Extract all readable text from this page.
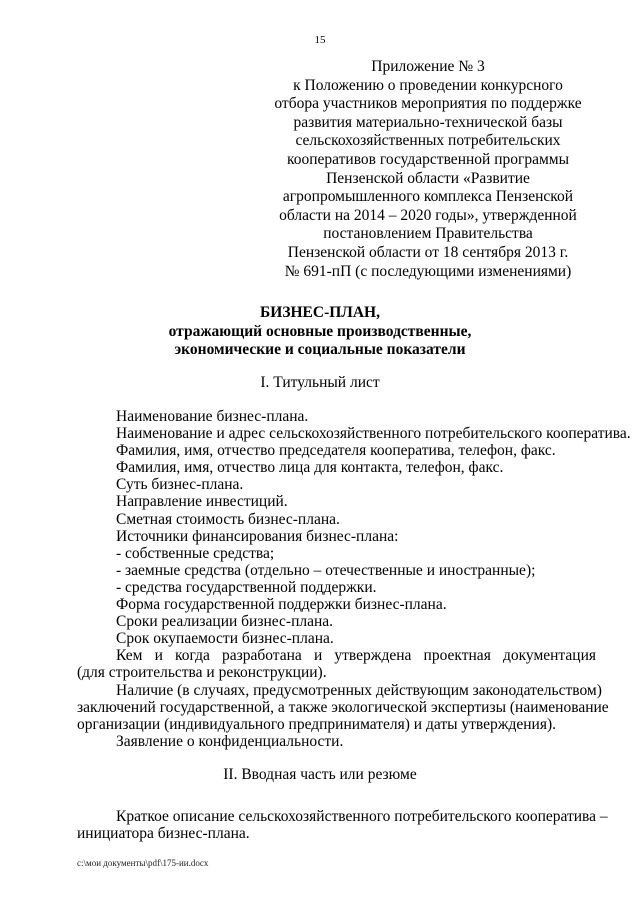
15
Приложение № 3
к Положению о проведении конкурсного
отбора участников мероприятия по поддержке
развития материально-технической базы
сельскохозяйственных потребительских
кооперативов государственной программы
Пензенской области «Развитие
агропромышленного комплекса Пензенской
области на 2014 – 2020 годы», утвержденной
постановлением Правительства
Пензенской области от 18 сентября 2013 г.
№ 691-пП (с последующими изменениями)
БИЗНЕС-ПЛАН,
отражающий основные производственные,
экономические и социальные показатели
I. Титульный лист
Наименование бизнес-плана.
Наименование и адрес сельскохозяйственного потребительского кооператива.
Фамилия, имя, отчество председателя кооператива, телефон, факс.
Фамилия, имя, отчество лица для контакта, телефон, факс.
Суть бизнес-плана.
Направление инвестиций.
Сметная стоимость бизнес-плана.
Источники финансирования бизнес-плана:
- собственные средства;
- заемные средства (отдельно – отечественные и иностранные);
- средства государственной поддержки.
Форма государственной поддержки бизнес-плана.
Сроки реализации бизнес-плана.
Срок окупаемости бизнес-плана.
Кем и когда разработана и утверждена проектная документация
(для строительства и реконструкции).
Наличие (в случаях, предусмотренных действующим законодательством)
заключений государственной, а также экологической экспертизы (наименование
организации (индивидуального предпринимателя) и даты утверждения).
Заявление о конфиденциальности.
II. Вводная часть или резюме
Краткое описание сельскохозяйственного потребительского кооператива –
инициатора бизнес-плана.
c:\мои документы\pdf\175-ии.docx
